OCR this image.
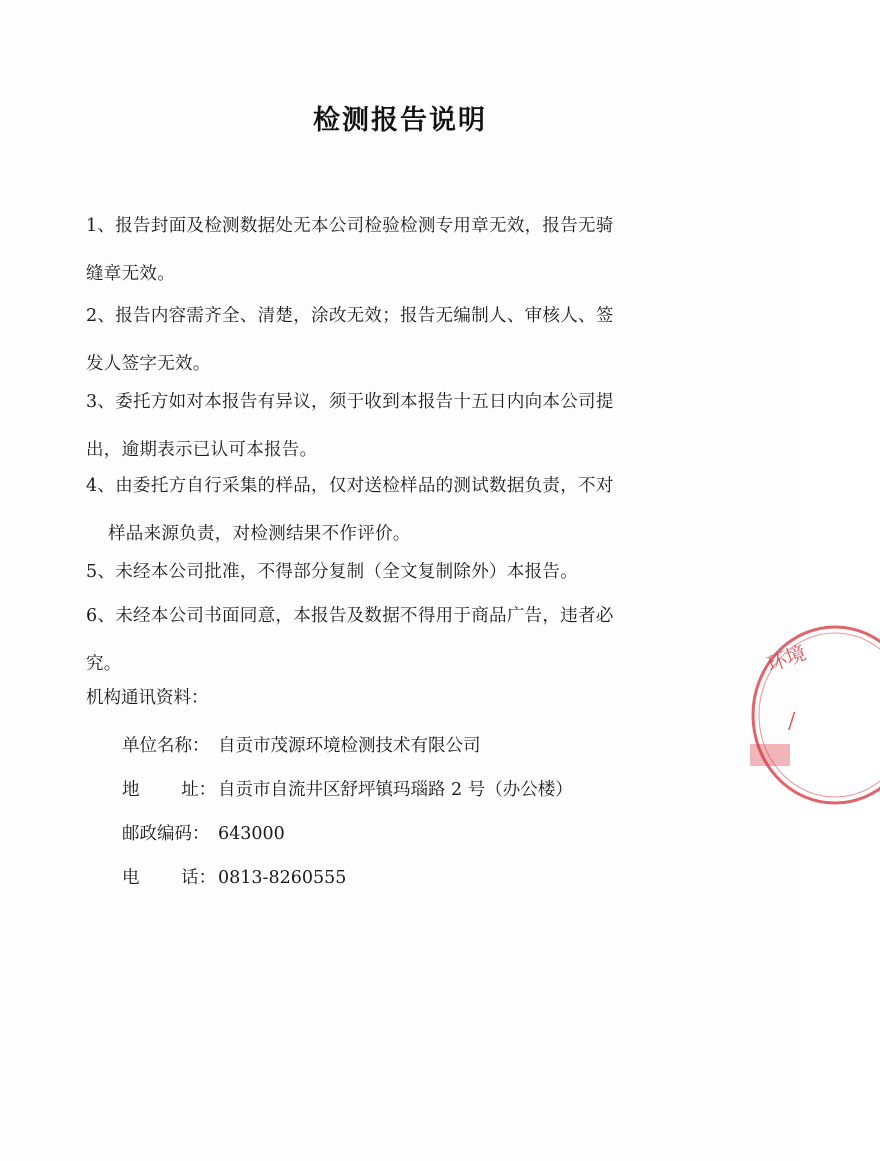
检测报告说明
1、报告封面及检测数据处无本公司检验检测专用章无效，报告无骑
缝章无效。
2、报告内容需齐全、清楚，涂改无效；报告无编制人、审核人、签
发人签字无效。
3、委托方如对本报告有异议，须于收到本报告十五日内向本公司提
出，逾期表示已认可本报告。
4、由委托方自行采集的样品，仅对送检样品的测试数据负责，不对
样品来源负责，对检测结果不作评价。
5、未经本公司批准，不得部分复制（全文复制除外）本报告。
6、未经本公司书面同意，本报告及数据不得用于商品广告，违者必
究。
机构通讯资料：
单位名称： 自贡市茂源环境检测技术有限公司
地 址： 自贡市自流井区舒坪镇玛瑙路 2 号（办公楼）
邮政编码： 643000
电 话： 0813-8260555
环境
∕
